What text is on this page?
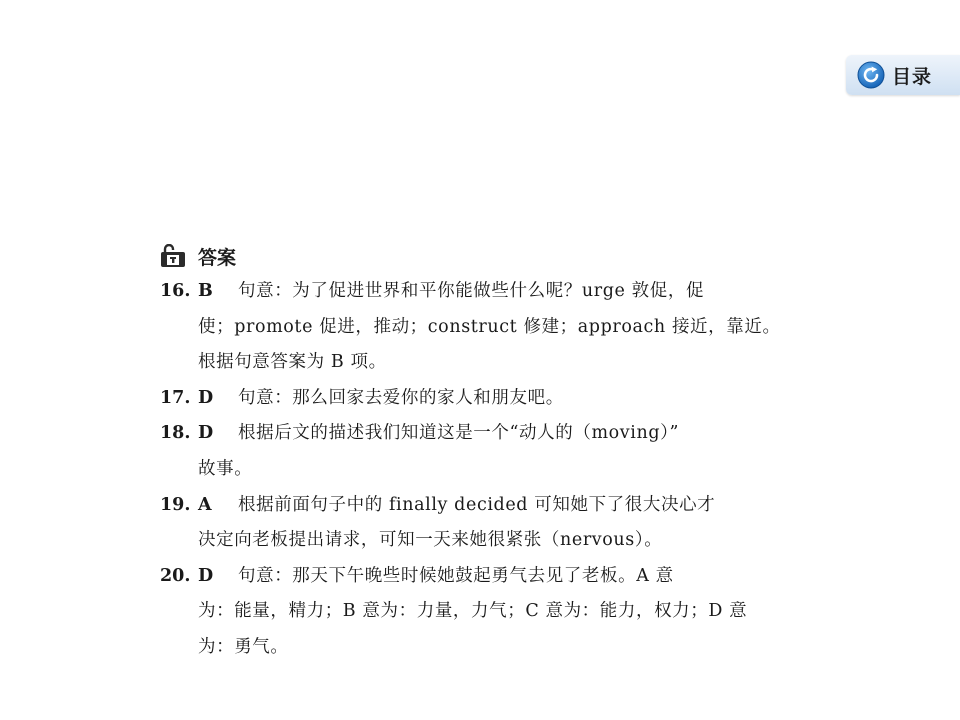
目录
答案
16. B	句意：为了促进世界和平你能做些什么呢？urge 敦促，促
使；promote 促进，推动；construct 修建；approach 接近，靠近。
根据句意答案为 B 项。
17. D	句意：那么回家去爱你的家人和朋友吧。
18. D	根据后文的描述我们知道这是一个“动人的（moving）”
故事。
19. A	根据前面句子中的 finally decided 可知她下了很大决心才
决定向老板提出请求，可知一天来她很紧张（nervous）。
20. D	句意：那天下午晚些时候她鼓起勇气去见了老板。A 意
为：能量，精力；B 意为：力量，力气；C 意为：能力，权力；D 意
为：勇气。
